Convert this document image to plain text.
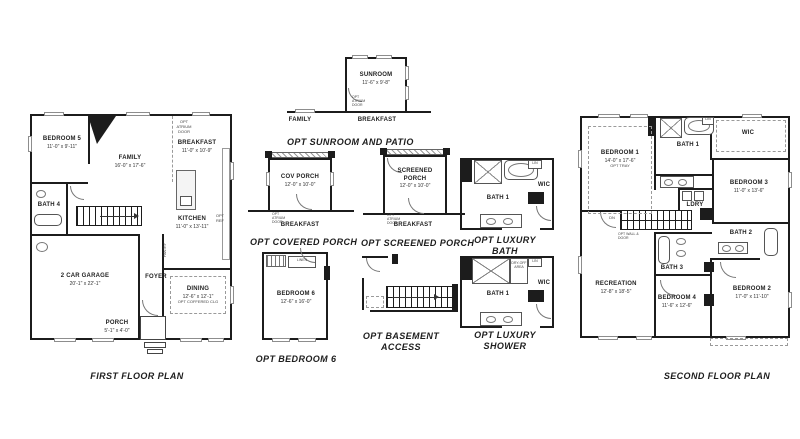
BEDROOM 5
11'-0" x 9'-11"
FAMILY
16'-0" x 17'-6"
BREAKFAST
11'-0" x 10'-9"
BATH 4
KITCHEN
11'-0" x 13'-11"
2 CAR GARAGE
20'-1" x 22'-1"
FOYER
DINING
12'-6" x 12'-1"
OPT COFFERED CLG
PORCH
5'-1" x 4'-0"
OPT ATRIUM DOOR
PANTRY
OPT REF
FIRST FLOOR PLAN
SUNROOM
11'-6" x 9'-8"
OPT ATRIUM DOOR
FAMILY	BREAKFAST
OPT SUNROOM AND PATIO
COV PORCH
12'-0" x 10'-0"
OPT ATRIUM DOOR
BREAKFAST
OPT COVERED PORCH
SCREENED
PORCH
12'-0" x 10'-0"
OPT ATRIUM DOOR
BREAKFAST
OPT SCREENED PORCH
LIN
WIC
BATH 1
OPT LUXURY
BATH
LINEN
BEDROOM 6
12'-6" x 16'-0"
OPT BEDROOM 6
OPT BASEMENT
ACCESS
DRY-OFF AREA
LIN
WIC
BATH 1
OPT LUXURY
SHOWER
BEDROOM 1
14'-0" x 17'-6"
OPT TRAY
BATH 1
WIC
LIN
BEDROOM 3
11'-0" x 13'-6"
LDRY
DN
OPT WALL & DOOR
BATH 2
BATH 3
RECREATION
12'-8" x 18'-5"
BEDROOM 4
11'-6" x 12'-6"
BEDROOM 2
17'-0" x 11'-10"
SECOND FLOOR PLAN
